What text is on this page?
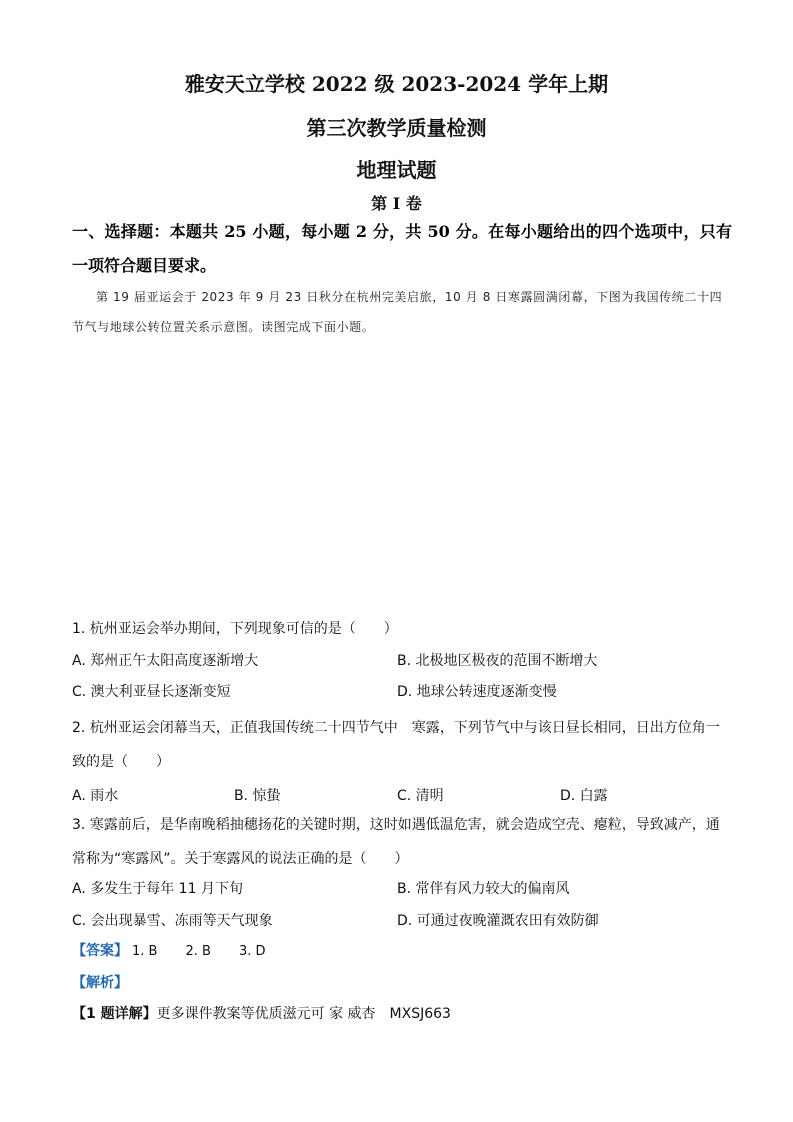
雅安天立学校 2022 级 2023-2024 学年上期
第三次教学质量检测
地理试题
第 I 卷
一、选择题：本题共 25 小题，每小题 2 分，共 50 分。在每小题给出的四个选项中，只有一项符合题目要求。
第 19 届亚运会于 2023 年 9 月 23 日秋分在杭州完美启旅，10 月 8 日寒露圆满闭幕，下图为我国传统二十四节气与地球公转位置关系示意图。读图完成下面小题。
1. 杭州亚运会举办期间，下列现象可信的是（　　）
A. 郑州正午太阳高度逐渐增大	B. 北极地区极夜的范围不断增大
C. 澳大利亚昼长逐渐变短	D. 地球公转速度逐渐变慢
2. 杭州亚运会闭幕当天，正值我国传统二十四节气中　寒露，下列节气中与该日昼长相同，日出方位角一致的是（　　）
A. 雨水	B. 惊蛰	C. 清明	D. 白露
3. 寒露前后，是华南晚稻抽穗扬花的关键时期，这时如遇低温危害，就会造成空壳、瘪粒，导致减产，通常称为“寒露风”。关于寒露风的说法正确的是（　　）
A. 多发生于每年 11 月下旬	B. 常伴有风力较大的偏南风
C. 会出现暴雪、冻雨等天气现象	D. 可通过夜晚灌溉农田有效防御
【答案】 1. B 2. B 3. D
【解析】
【1 题详解】更多课件教案等优质滋元可 家 威杏　MXSJ663
